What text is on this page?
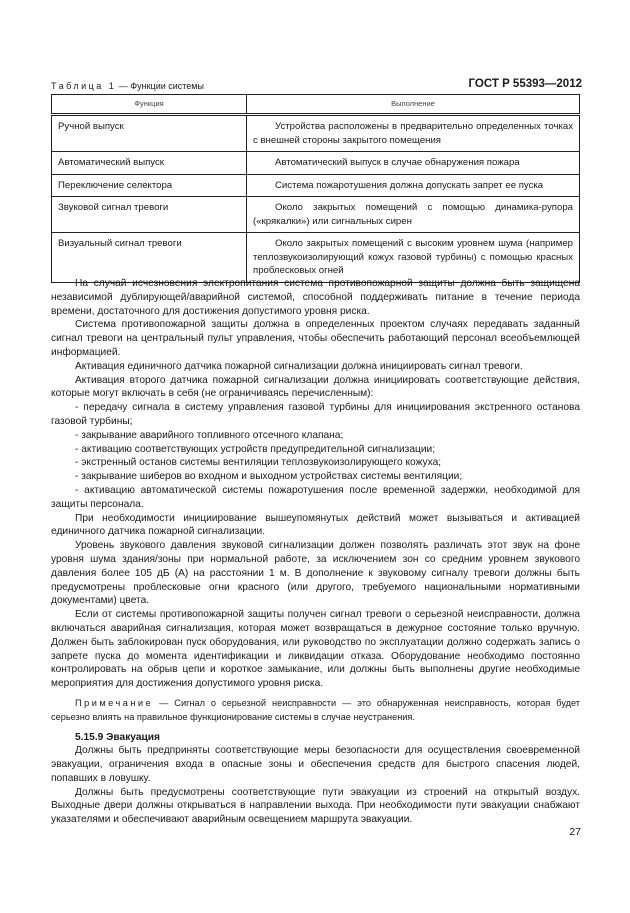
ГОСТ Р 55393—2012
Таблица 1 — Функции системы
Функция	Выполнение
Ручной выпуск	Устройства расположены в предварительно определенных точках с внешней стороны закрытого помещения

Автоматический выпуск	Автоматический выпуск в случае обнаружения пожара

Переключение селектора	Система пожаротушения должна допускать запрет ее пуска

Звуковой сигнал тревоги	Около закрытых помещений с помощью динамика-рупора («крякалки») или сигнальных сирен

Визуальный сигнал тревоги	Около закрытых помещений с высоким уровнем шума (например теплозвукоизолирующий кожух газовой турбины) с помощью красных проблесковых огней

На случай исчезновения электропитания система противопожарной защиты должна быть защищена независимой дублирующей/аварийной системой, способной поддерживать питание в течение периода времени, достаточного для достижения допустимого уровня риска.

Система противопожарной защиты должна в определенных проектом случаях передавать заданный сигнал тревоги на центральный пульт управления, чтобы обеспечить работающий персонал всеобъемлющей информацией.

Активация единичного датчика пожарной сигнализации должна инициировать сигнал тревоги.

Активация второго датчика пожарной сигнализации должна инициировать соответствующие действия, которые могут включать в себя (не ограничиваясь перечисленным):

- передачу сигнала в систему управления газовой турбины для инициирования экстренного останова газовой турбины;

- закрывание аварийного топливного отсечного клапана;

- активацию соответствующих устройств предупредительной сигнализации;

- экстренный останов системы вентиляции теплозвукоизолирующего кожуха;

- закрывание шиберов во входном и выходном устройствах системы вентиляции;

- активацию автоматической системы пожаротушения после временной задержки, необходимой для защиты персонала.

При необходимости инициирование вышеупомянутых действий может вызываться и активацией единичного датчика пожарной сигнализации.

Уровень звукового давления звуковой сигнализации должен позволять различать этот звук на фоне уровня шума здания/зоны при нормальной работе, за исключением зон со средним уровнем звукового давления более 105 дБ (А) на расстоянии 1 м. В дополнение к звуковому сигналу тревоги должны быть предусмотрены проблесковые огни красного (или другого, требуемого национальными нормативными документами) цвета.

Если от системы противопожарной защиты получен сигнал тревоги о серьезной неисправности, должна включаться аварийная сигнализация, которая может возвращаться в дежурное состояние только вручную. Должен быть заблокирован пуск оборудования, или руководство по эксплуатации должно содержать запись о запрете пуска до момента идентификации и ликвидации отказа. Оборудование необходимо постоянно контролировать на обрыв цепи и короткое замыкание, или должны быть выполнены другие необходимые мероприятия для достижения допустимого уровня риска.

Примечание — Сигнал о серьезной неисправности — это обнаруженная неисправность, которая будет серьезно влиять на правильное функционирование системы в случае неустранения.

5.15.9 Эвакуация

Должны быть предприняты соответствующие меры безопасности для осуществления своевременной эвакуации, ограничения входа в опасные зоны и обеспечения средств для быстрого спасения людей, попавших в ловушку.

Должны быть предусмотрены соответствующие пути эвакуации из строений на открытый воздух. Выходные двери должны открываться в направлении выхода. При необходимости пути эвакуации снабжают указателями и обеспечивают аварийным освещением маршрута эвакуации.

27
